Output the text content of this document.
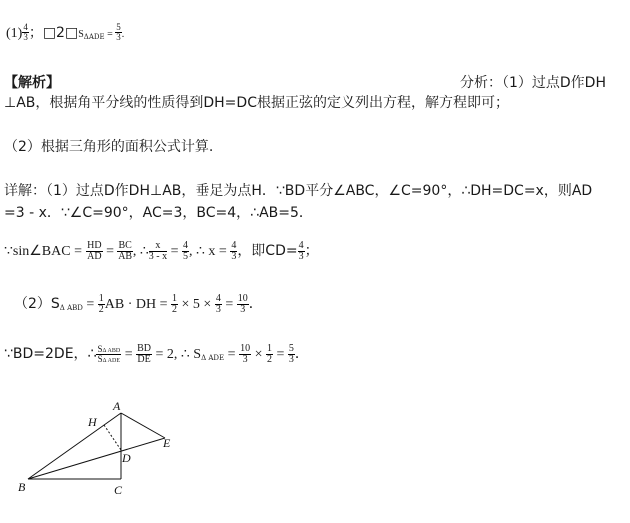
$(1) \frac{4}{3}$ ；$□2□S_{\Delta ADE} = \frac{5}{3}$ .
【解析】	分析：（1）过点D作DH
⊥AB，根据角平分线的性质得到DH=DC根据正弦的定义列出方程，解方程即可；
（2）根据三角形的面积公式计算.
详解：（1）过点D作DH⊥AB，垂足为点H．∵BD平分∠ABC，∠C=90°，∴DH=DC=x，则AD
=3 - x．∵∠C=90°，AC=3，BC=4，∴AB=5．
∵sin∠BAC = $\frac{HD}{AD} = \frac{BC}{AB}$ , ∴ $\frac{x}{3 - x} = \frac{4}{5}$ , ∴ $x = \frac{4}{3}$ ，即$CD= \frac{4}{3}$ ；
$(2)S_{\Delta ABD} = \frac{1}{2}$ AB · DH = $\frac{1}{2} \times 5 \times \frac{4}{3} = \frac{10}{3}$ ．
∵BD=2DE，∴ $\frac{\text{SΔ ABD}}{\text{SΔ ADE}} = \frac{BD}{DE} = 2$, ∴ $S_{\Delta ADE} = \frac{10}{3} \times \frac{1}{2} = \frac{5}{3}$ ．
A
H
E
D
B	C
